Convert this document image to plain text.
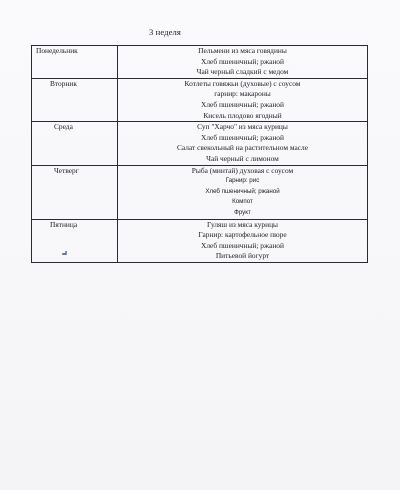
3 неделя
Понедельник	Пельмени из мяса говядины
Хлеб пшеничный; ржаной
Чай черный сладкий с медом

Вторник	Котлеты говяжьи (духовые) с соусом
гарнир: макароны
Хлеб пшеничный; ржаной
Кисель плодово ягодный

Среда	Суп "Харчо" из мяса курицы
Хлеб пшеничный; ржаной
Салат свекольный на растительном масле
Чай черный с лимоном

Четверг	Рыба (минтай) духовая с соусом
Гарнир: рис
Хлеб пшеничный; ржаной
Компот
Фрукт

Пятница	Гуляш из мяса курицы
Гарнир: картофельное пюре
Хлеб пшеничный; ржаной
Питьевой йогурт
